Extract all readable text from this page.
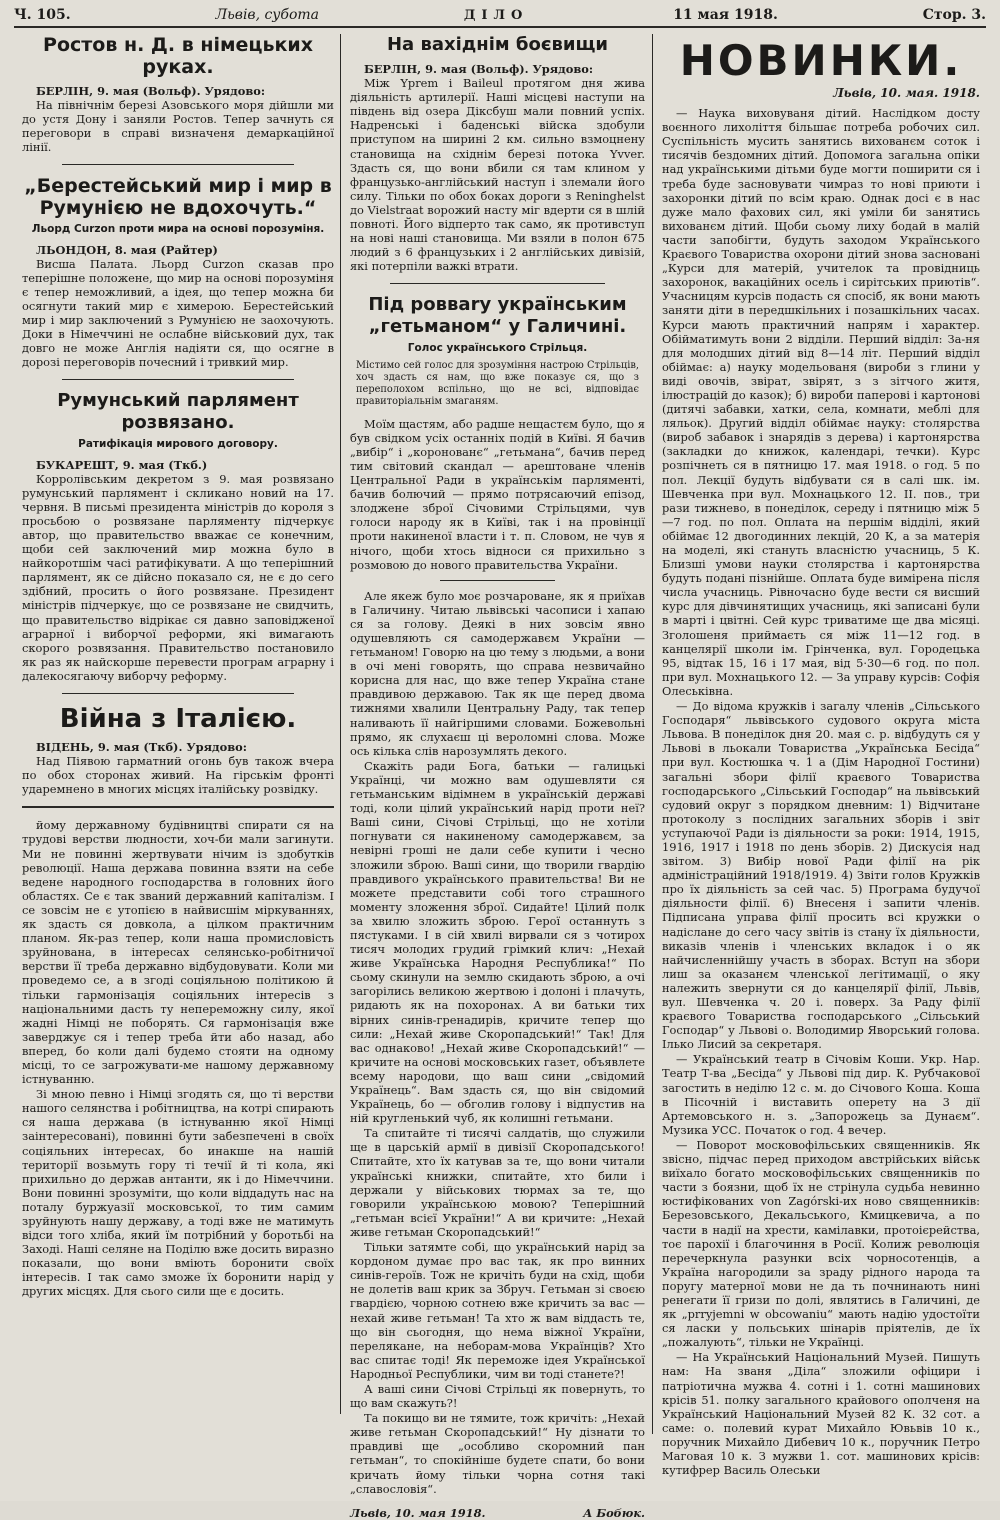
Ч. 105.	Львів, субота	ДІЛО	11 мая 1918.	Стор. 3.
Ростов н. Д. в німецьких руках.

БЕРЛІН, 9. мая (Вольф). Урядово:

На північнім березі Азовського моря дійшли ми до устя Дону і заняли Ростов. Тепер зачнуть ся переговори в справі визначеня демаркаційної лінії.

„Берестейський мир і мир в Румунією не вдохочуть.“

Льорд Curzon проти мира на основі порозуміня.

ЛЬОНДОН, 8. мая (Райтер)

Висша Палата. Льорд Curzon сказав про теперішне положене, що мир на основі порозуміня є тепер неможливий, а ідея, що тепер можна би осягнути такий мир є химерою. Берестейський мир і мир заключений з Румунією не заохочують. Доки в Німеччині не ослабне військовий дух, так довго не може Англія надіяти ся, що осягне в дорозі переговорів почесний і тривкий мир.

Румунський парлямент розвязано.

Ратифікація мирового договору.

БУКАРЕШТ, 9. мая (Ткб.)

Корролівським декретом з 9. мая розвязано румунський парлямент і скликано новий на 17. червня. В письмі президента міністрів до короля з просьбою о розвязане парляменту підчеркує автор, що правительство вважає се конечним, щоби сей заключений мир можна було в найкоротшім часі ратифікувати. А що теперішний парлямент, як се дійсно показало ся, не є до сего здібний, просить о його розвязане. Президент міністрів підчеркує, що се розвязане не свидчить, що правительство відрікає ся давно заповідженої аграрної і виборчої реформи, які вимагають скорого розвязання. Правительство постановило як раз як найскорше перевести програм аграрну і далекосягаючу виборчу реформу.

Війна з Італією.

ВІДЕНЬ, 9. мая (Ткб). Урядово:

Над Піявою гарматний огонь був також вчера по обох сторонах живий. На гірськім фронті ударемнено в многих місцях італійську розвідку.

йому державному будівництві спирати ся на трудові верстви людности, хоч-би мали загинути. Ми не повинні жертвувати нічим із здобутків революції. Наша держава повинна взяти на себе ведене народного господарства в головних його областях. Се є так званий державний капіталізм. І се зовсім не є утопією в найвисшім міркуваннях, як здасть ся довкола, а цілком практичним планом. Як-раз тепер, коли наша промисловість зруйнована, в інтересах селянсько-робітничої верстви її треба державно відбудовувати. Коли ми проведемо се, а в згоді соціяльною політикою й тільки гармонізація соціяльних інтересів з національними дасть ту непереможну силу, якої жадні Німці не поборять. Ся гармонізація вже заверджує ся і тепер треба йти або назад, або вперед, бо коли далі будемо стояти на одному місці, то се загрожувати-ме нашому державному істнуванню.

Зі мною певно і Німці згодять ся, що ті верстви нашого селянства і робітництва, на котрі спирають ся наша держава (в істнуванню якої Німці заінтересовані), повинні бути забезпечені в своїх соціяльних інтересах, бо инакше на нашій території возьмуть гору ті течії й ті кола, які прихильно до держав антанти, як і до Німеччини. Вони повинні зрозуміти, що коли віддадуть нас на поталу буржуазії московської, то тим самим зруйнують нашу державу, а тоді вже не матимуть відси того хліба, який їм потрібний у боротьбі на Заході. Наші селяне на Поділю вже досить виразно показали, що вони вміють боронити своїх інтересів. І так само зможе їх боронити нарід у других місцях. Для сього сили ще є досить.

На вахіднім боєвищи

БЕРЛІН, 9. мая (Вольф). Урядово:

Між Yprem і Baileul протягом дня жива діяльність артилерії. Наші місцеві наступи на південь від озера Діксбуш мали повний успіх. Надренські і баденські війска здобули приступом на ширині 2 км. сильно взмоцнену становища на східнім березі потока Yvver. Здасть ся, що вони вбили ся там клином у французько-англійський наступ і злемали його силу. Тільки по обох боках дороги з Reninghelst до Vielstraat ворожий насту міг вдерти ся в шлій повноті. Його відперто так само, як противступ на нові наші становища. Ми взяли в полон 675 людий з 6 французьких і 2 англійських дивізій, які потерпіли важкі втрати.

Під ровваrу українським „гетьманом“ у Галичині.

Голос українського Стрільця.

Містимо сей голос для зрозуміння настрою Стрільців, хоч здасть ся нам, що вже показує ся, що з переполохом вспільно, що не всі, відповідає правиторіальнім змаганям.

Моїм щастям, або радше нещастєм було, що я був свідком усіх останніх подій в Київі. Я бачив „вибір“ і „коронованє“ „гетьмана“, бачив перед тим світовий скандал — арештоване членів Центральної Ради в українськім парляменті, бачив болючий — прямо потрясаючий епізод, злоджене зброї Січовими Стрільцями, чув голоси народу як в Київі, так і на провінції проти накиненої власти і т. п. Словом, не чув я нічого, щоби хтось відноси ся прихильно з розмовою до нового правительства України.

Але якеж було моє розчароване, як я приїхав в Галичину. Читаю львівські часописи і хапаю ся за голову. Деякі в них зовсім явно одушевляють ся самодержавєм України — гетьманом! Говорю на цю тему з людьми, а вони в очі мені говорять, що справа незвичайно корисна для нас, що вже тепер Україна стане правдивою державою. Так як ще перед двома тижнями хвалили Центральну Раду, так тепер наливають її найгіршими словами. Божевольні прямо, як слухаєш ці вероломні слова. Може ось кілька слів нарозумлять декого.

Скажіть ради Бога, батьки — галицькі Українці, чи можно вам одушевляти ся гетьманським відімнем в українській державі тоді, коли цілий український нарід проти неї? Ваші сини, Січові Стрільці, що не хотіли погнувати ся накиненому самодержавєм, за невірні гроші не дали себе купити і чесно зложили зброю. Ваші сини, що творили гвардію правдивого українського правительства! Ви не можете представити собі того страшного моменту зложення зброї. Сидайте! Цілий полк за хвилю зложить зброю. Герої останнуть з пястуками. І в сій хвилі вирвали ся з чотирох тисяч молодих грудий грімкий клич: „Нехай живе Українська Народня Республика!“ По сьому скинули на землю скидають зброю, а очі загорілись великою жертвою і долоні і плачуть, ридають як на похоронах. А ви батьки тих вірних синів-гренадирів, кричите тепер що сили: „Нехай живе Скоропадський!“ Так! Для вас однаково! „Нехай живе Скоропадський!“ — кричите на основі московських газет, объявлете всему народови, що ваш сини „свідомий Українець“. Вам здасть ся, що він свідомий Українець, бо — обголив голову і відпустив на ній кругленький чуб, як колишні гетьмани.

Та спитайте ті тисячі салдатів, що служили ще в царській армії в дивізії Скоропадського! Спитайте, хто їх катував за те, що вони читали українські книжки, спитайте, хто били і держали у військових тюрмах за те, що говорили українською мовою? Теперішний „гетьман всієї України!“ А ви кричите: „Нехай живе гетьман Скоропадський!“

Тільки затямте собі, що український нарід за кордоном думає про вас так, як про винних синів-героїв. Тож не кричіть буди на схід, щоби не долетів ваш крик за Збруч. Гетьман зі своєю гвардією, чорною сотнею вже кричить за вас — нехай живе гетьман! Та хто ж вам віддасть те, що він сьогодня, що нема віжної України, перелякане, на неборам-мова Українців? Хто вас спитає тоді! Як переможе ідея Української Народньої Республики, чим ви тоді станете?!

А ваші сини Січові Стрільці як повернуть, то що вам скажуть?!

Та покищо ви не тямите, тож кричіть: „Нехай живе гетьман Скоропадський!“ Ну дізнати то правдиві ще „особливо скоромний пан гетьман“, то спокійніше будете спати, бо вони кричать йому тільки чорна сотня такі „славословія“.

Львів, 10. мая 1918.	А Бобюк.
НОВИНКИ.

Львів, 10. мая. 1918.

— Наука виховуваня дітий. Наслідком досту воєнного лихоліття більшає потреба робочих сил. Суспільність мусить занятись вихованєм соток і тисячів бездомних дітий. Допомога загальна опіки над українськими дітьми буде могти поширити ся і треба буде засновувати чимраз то нові приюти і захоронки дітий по всім краю. Однак досі є в нас дуже мало фахових сил, які уміли би занятись вихованєм дітий. Щоби сьому лиху бодай в малій части запобігти, будуть заходом Українського Краєвого Товариства охорони дітий знова засновані „Курси для матерій, учителок та провідниць захоронок, вакаційних осель і сирітських приютів“. Учасницям курсів подасть ся спосіб, як вони мають заняти діти в передшкільних і позашкільних часах. Курси мають практичний напрям і характер. Обійматимуть вони 2 відділи. Перший відділ: За-ня для молодших дітий від 8—14 літ. Перший відділ обіймає: а) науку модельованя (вироби з глини у виді овочів, звірат, звірят, з з зітчого житя, ілюстрацій до казок); б) вироби паперові і картонові (дитячі забавки, хатки, села, комнати, меблі для ляльок). Другий відділ обіймає науку: столярства (вироб забавок і знарядів з дерева) і картонярства (закладки до книжок, календарі, течки). Курс розпічнеть ся в пятницю 17. мая 1918. о год. 5 по пол. Лекції будуть відбувати ся в салі шк. ім. Шевченка при вул. Мохнацького 12. ІІ. пов., три рази тижнево, в понеділок, середу і пятницю між 5—7 год. по пол. Оплата на першім відділі, який обіймає 12 двогодинних лекцій, 20 К, а за матерія на моделі, які стануть власністю учасниць, 5 К. Близші умови науки столярства і картонярства будуть подані пізнійше. Оплата буде вимірена після числа учасниць. Рівночасно буде вести ся висший курс для дівчинятищих учасниць, які записані були в марті і цвітні. Сей курс триватиме ще два місяці. Зголошеня приймаєть ся між 11—12 год. в канцелярії школи ім. Грінченка, вул. Городецька 95, відтак 15, 16 і 17 мая, від 5·30—6 год. по пол. при вул. Мохнацького 12. — За управу курсів: Софія Олеськівна.

— До відома кружків і загалу членів „Сільського Господаря“ львівського судового округа міста Львова. В понеділок дня 20. мая с. р. відбудуть ся у Львові в льокали Товариства „Українська Бесіда“ при вул. Костюшка ч. 1 а (Дім Народної Гостини) загальні збори філії краєвого Товариства господарського „Сільський Господар“ на львівський судовий округ з порядком дневним: 1) Відчитане протоколу з послідних загальних зборів і звіт уступаючої Ради із діяльности за роки: 1914, 1915, 1916, 1917 і 1918 по день зборів. 2) Дискусія над звітом. 3) Вибір нової Ради філії на рік адміністраційний 1918/1919. 4) Звіти голов Кружків про їх діяльність за сей час. 5) Програма будучої діяльности філії. 6) Внесеня і запити членів. Підписана управа філії просить всі кружки о надіслане до сего часу звітів із стану їх діяльности, виказів членів і членських вкладок і о як найчисленнійшу участь в зборах. Вступ на збори лиш за оказанєм членської легітимації, о яку належить звернути ся до канцелярії філії, Львів, вул. Шевченка ч. 20 і. поверх. За Раду філії краєвого Товариства господарського „Сільський Господар“ у Львові о. Володимир Яворський голова. Ілько Лисий за секретаря.

— Український театр в Січовім Коши. Укр. Нар. Театр Т-ва „Бесіда“ у Львові під дир. К. Рубчакової загостить в неділю 12 с. м. до Січового Коша. Коша в Пісочній і виставить оперету на 3 дії Артемовського н. з. „Запорожець за Дунаєм“. Музика УСС. Початок о год. 4 вечер.

— Поворот московофільських священників. Як звісно, підчас перед приходом австрійських військ виїхало богато московофільських священників по части з боязни, щоб їх не стрінула судьба невинно юстифікованих von Zagórski-их ново священників: Березовського, Декальського, Кмицкевича, а по части в надії на хрести, камілавки, протоієрейства, тоє парохії і благочиння в Росії. Колиж революція перечеркнула разунки всіх чорносотенців, а Україна нагородили за зраду рідного народа та поругу матерної мови не да ть почнинають нині ренегати її гризи по долі, являтись в Галичині, де як „prryjemni w obcowaniu“ мають надію удостоїти ся ласки у польських шінарів пріятелів, де їх „пожалують“, тільки не Українці.

— На Український Національний Музей. Пишуть нам: На званя „Діла“ зложили офіцири і патріотична мужва 4. сотні і 1. сотні машинових крісів 51. полку загального крайового ополченя на Український Національний Музей 82 К. 32 сот. а саме: о. полевий курат Михайло Ювьвів 10 к., поручник Михайло Дибевич 10 к., поручник Петро Маговая 10 к. З мужви 1. сот. машинових крісів: кутифрер Василь Олеськи
